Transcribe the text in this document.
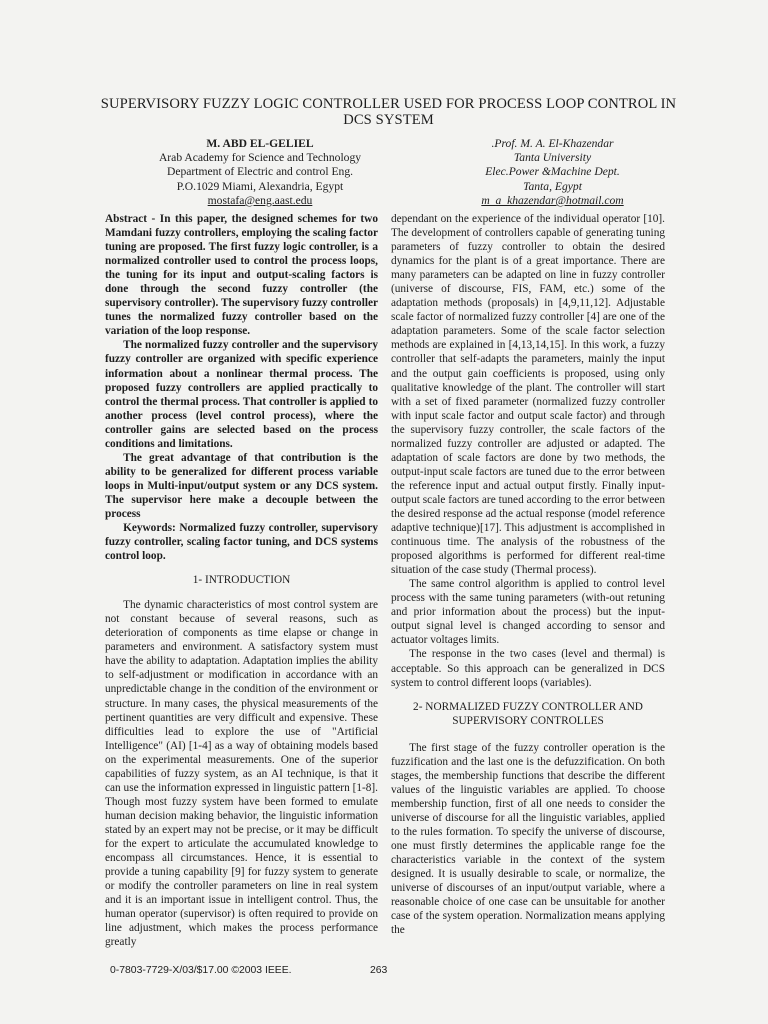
SUPERVISORY FUZZY LOGIC CONTROLLER USED FOR PROCESS LOOP CONTROL IN DCS SYSTEM
M. ABD EL-GELIEL
Arab Academy for Science and Technology
Department of Electric and control Eng.
P.O.1029 Miami, Alexandria, Egypt
mostafa@eng.aast.edu
.Prof. M. A. El-Khazendar
Tanta University
Elec.Power &Machine Dept.
Tanta, Egypt
m_a_khazendar@hotmail.com

Abstract - In this paper, the designed schemes for two Mamdani fuzzy controllers, employing the scaling factor tuning are proposed. The first fuzzy logic controller, is a normalized controller used to control the process loops, the tuning for its input and output-scaling factors is done through the second fuzzy controller (the supervisory controller). The supervisory fuzzy controller tunes the normalized fuzzy controller based on the variation of the loop response.

The normalized fuzzy controller and the supervisory fuzzy controller are organized with specific experience information about a nonlinear thermal process. The proposed fuzzy controllers are applied practically to control the thermal process. That controller is applied to another process (level control process), where the controller gains are selected based on the process conditions and limitations.

The great advantage of that contribution is the ability to be generalized for different process variable loops in Multi-input/output system or any DCS system. The supervisor here make a decouple between the process

Keywords: Normalized fuzzy controller, supervisory fuzzy controller, scaling factor tuning, and DCS systems control loop.

1- INTRODUCTION

The dynamic characteristics of most control system are not constant because of several reasons, such as deterioration of components as time elapse or change in parameters and environment. A satisfactory system must have the ability to adaptation. Adaptation implies the ability to self-adjustment or modification in accordance with an unpredictable change in the condition of the environment or structure. In many cases, the physical measurements of the pertinent quantities are very difficult and expensive. These difficulties lead to explore the use of "Artificial Intelligence" (AI) [1-4] as a way of obtaining models based on the experimental measurements. One of the superior capabilities of fuzzy system, as an AI technique, is that it can use the information expressed in linguistic pattern [1-8]. Though most fuzzy system have been formed to emulate human decision making behavior, the linguistic information stated by an expert may not be precise, or it may be difficult for the expert to articulate the accumulated knowledge to encompass all circumstances. Hence, it is essential to provide a tuning capability [9] for fuzzy system to generate or modify the controller parameters on line in real system and it is an important issue in intelligent control. Thus, the human operator (supervisor) is often required to provide on line adjustment, which makes the process performance greatly

dependant on the experience of the individual operator [10]. The development of controllers capable of generating tuning parameters of fuzzy controller to obtain the desired dynamics for the plant is of a great importance. There are many parameters can be adapted on line in fuzzy controller (universe of discourse, FIS, FAM, etc.) some of the adaptation methods (proposals) in [4,9,11,12]. Adjustable scale factor of normalized fuzzy controller [4] are one of the adaptation parameters. Some of the scale factor selection methods are explained in [4,13,14,15]. In this work, a fuzzy controller that self-adapts the parameters, mainly the input and the output gain coefficients is proposed, using only qualitative knowledge of the plant. The controller will start with a set of fixed parameter (normalized fuzzy controller with input scale factor and output scale factor) and through the supervisory fuzzy controller, the scale factors of the normalized fuzzy controller are adjusted or adapted. The adaptation of scale factors are done by two methods, the output-input scale factors are tuned due to the error between the reference input and actual output firstly. Finally input-output scale factors are tuned according to the error between the desired response ad the actual response (model reference adaptive technique)[17]. This adjustment is accomplished in continuous time. The analysis of the robustness of the proposed algorithms is performed for different real-time situation of the case study (Thermal process).

The same control algorithm is applied to control level process with the same tuning parameters (with-out retuning and prior information about the process) but the input-output signal level is changed according to sensor and actuator voltages limits.

The response in the two cases (level and thermal) is acceptable. So this approach can be generalized in DCS system to control different loops (variables).

2- NORMALIZED FUZZY CONTROLLER AND
SUPERVISORY CONTROLLES

The first stage of the fuzzy controller operation is the fuzzification and the last one is the defuzzification. On both stages, the membership functions that describe the different values of the linguistic variables are applied. To choose membership function, first of all one needs to consider the universe of discourse for all the linguistic variables, applied to the rules formation. To specify the universe of discourse, one must firstly determines the applicable range foe the characteristics variable in the context of the system designed. It is usually desirable to scale, or normalize, the universe of discourses of an input/output variable, where a reasonable choice of one case can be unsuitable for another case of the system operation. Normalization means applying the

0-7803-7729-X/03/$17.00 ©2003 IEEE.	263
